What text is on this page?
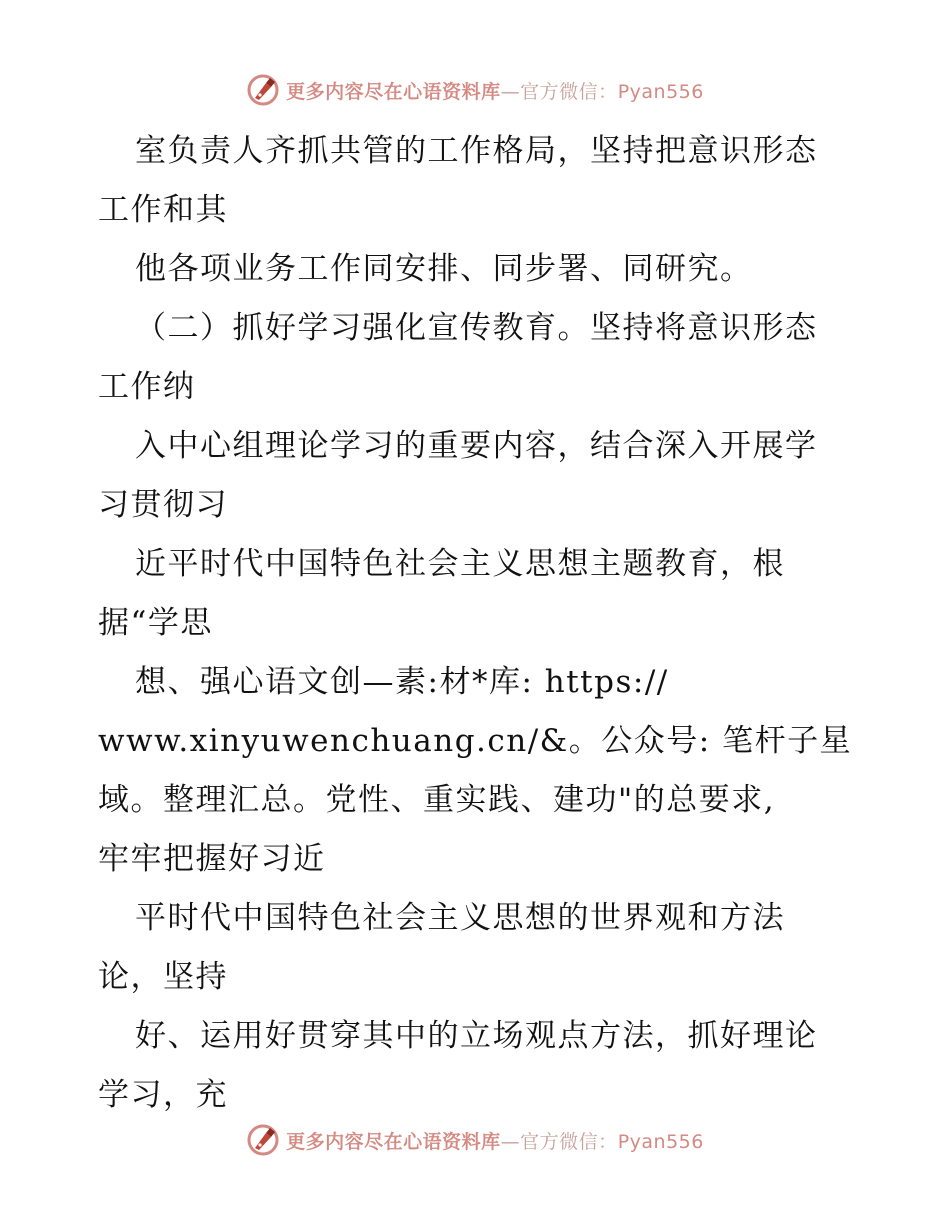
更多内容尽在心语资料库—官方微信：Pyan556
室负责人齐抓共管的工作格局，坚持把意识形态
工作和其
他各项业务工作同安排、同步署、同研究。
（二）抓好学习强化宣传教育。坚持将意识形态
工作纳
入中心组理论学习的重要内容，结合深入开展学
习贯彻习
近平时代中国特色社会主义思想主题教育，根
据“学思
想、强心语文创—素:材*库: https://
www.xinyuwenchuang.cn/&。公众号: 笔杆子星
域。整理汇总。党性、重实践、建功"的总要求,
牢牢把握好习近
平时代中国特色社会主义思想的世界观和方法
论，坚持
好、运用好贯穿其中的立场观点方法，抓好理论
学习，充
更多内容尽在心语资料库—官方微信：Pyan556
